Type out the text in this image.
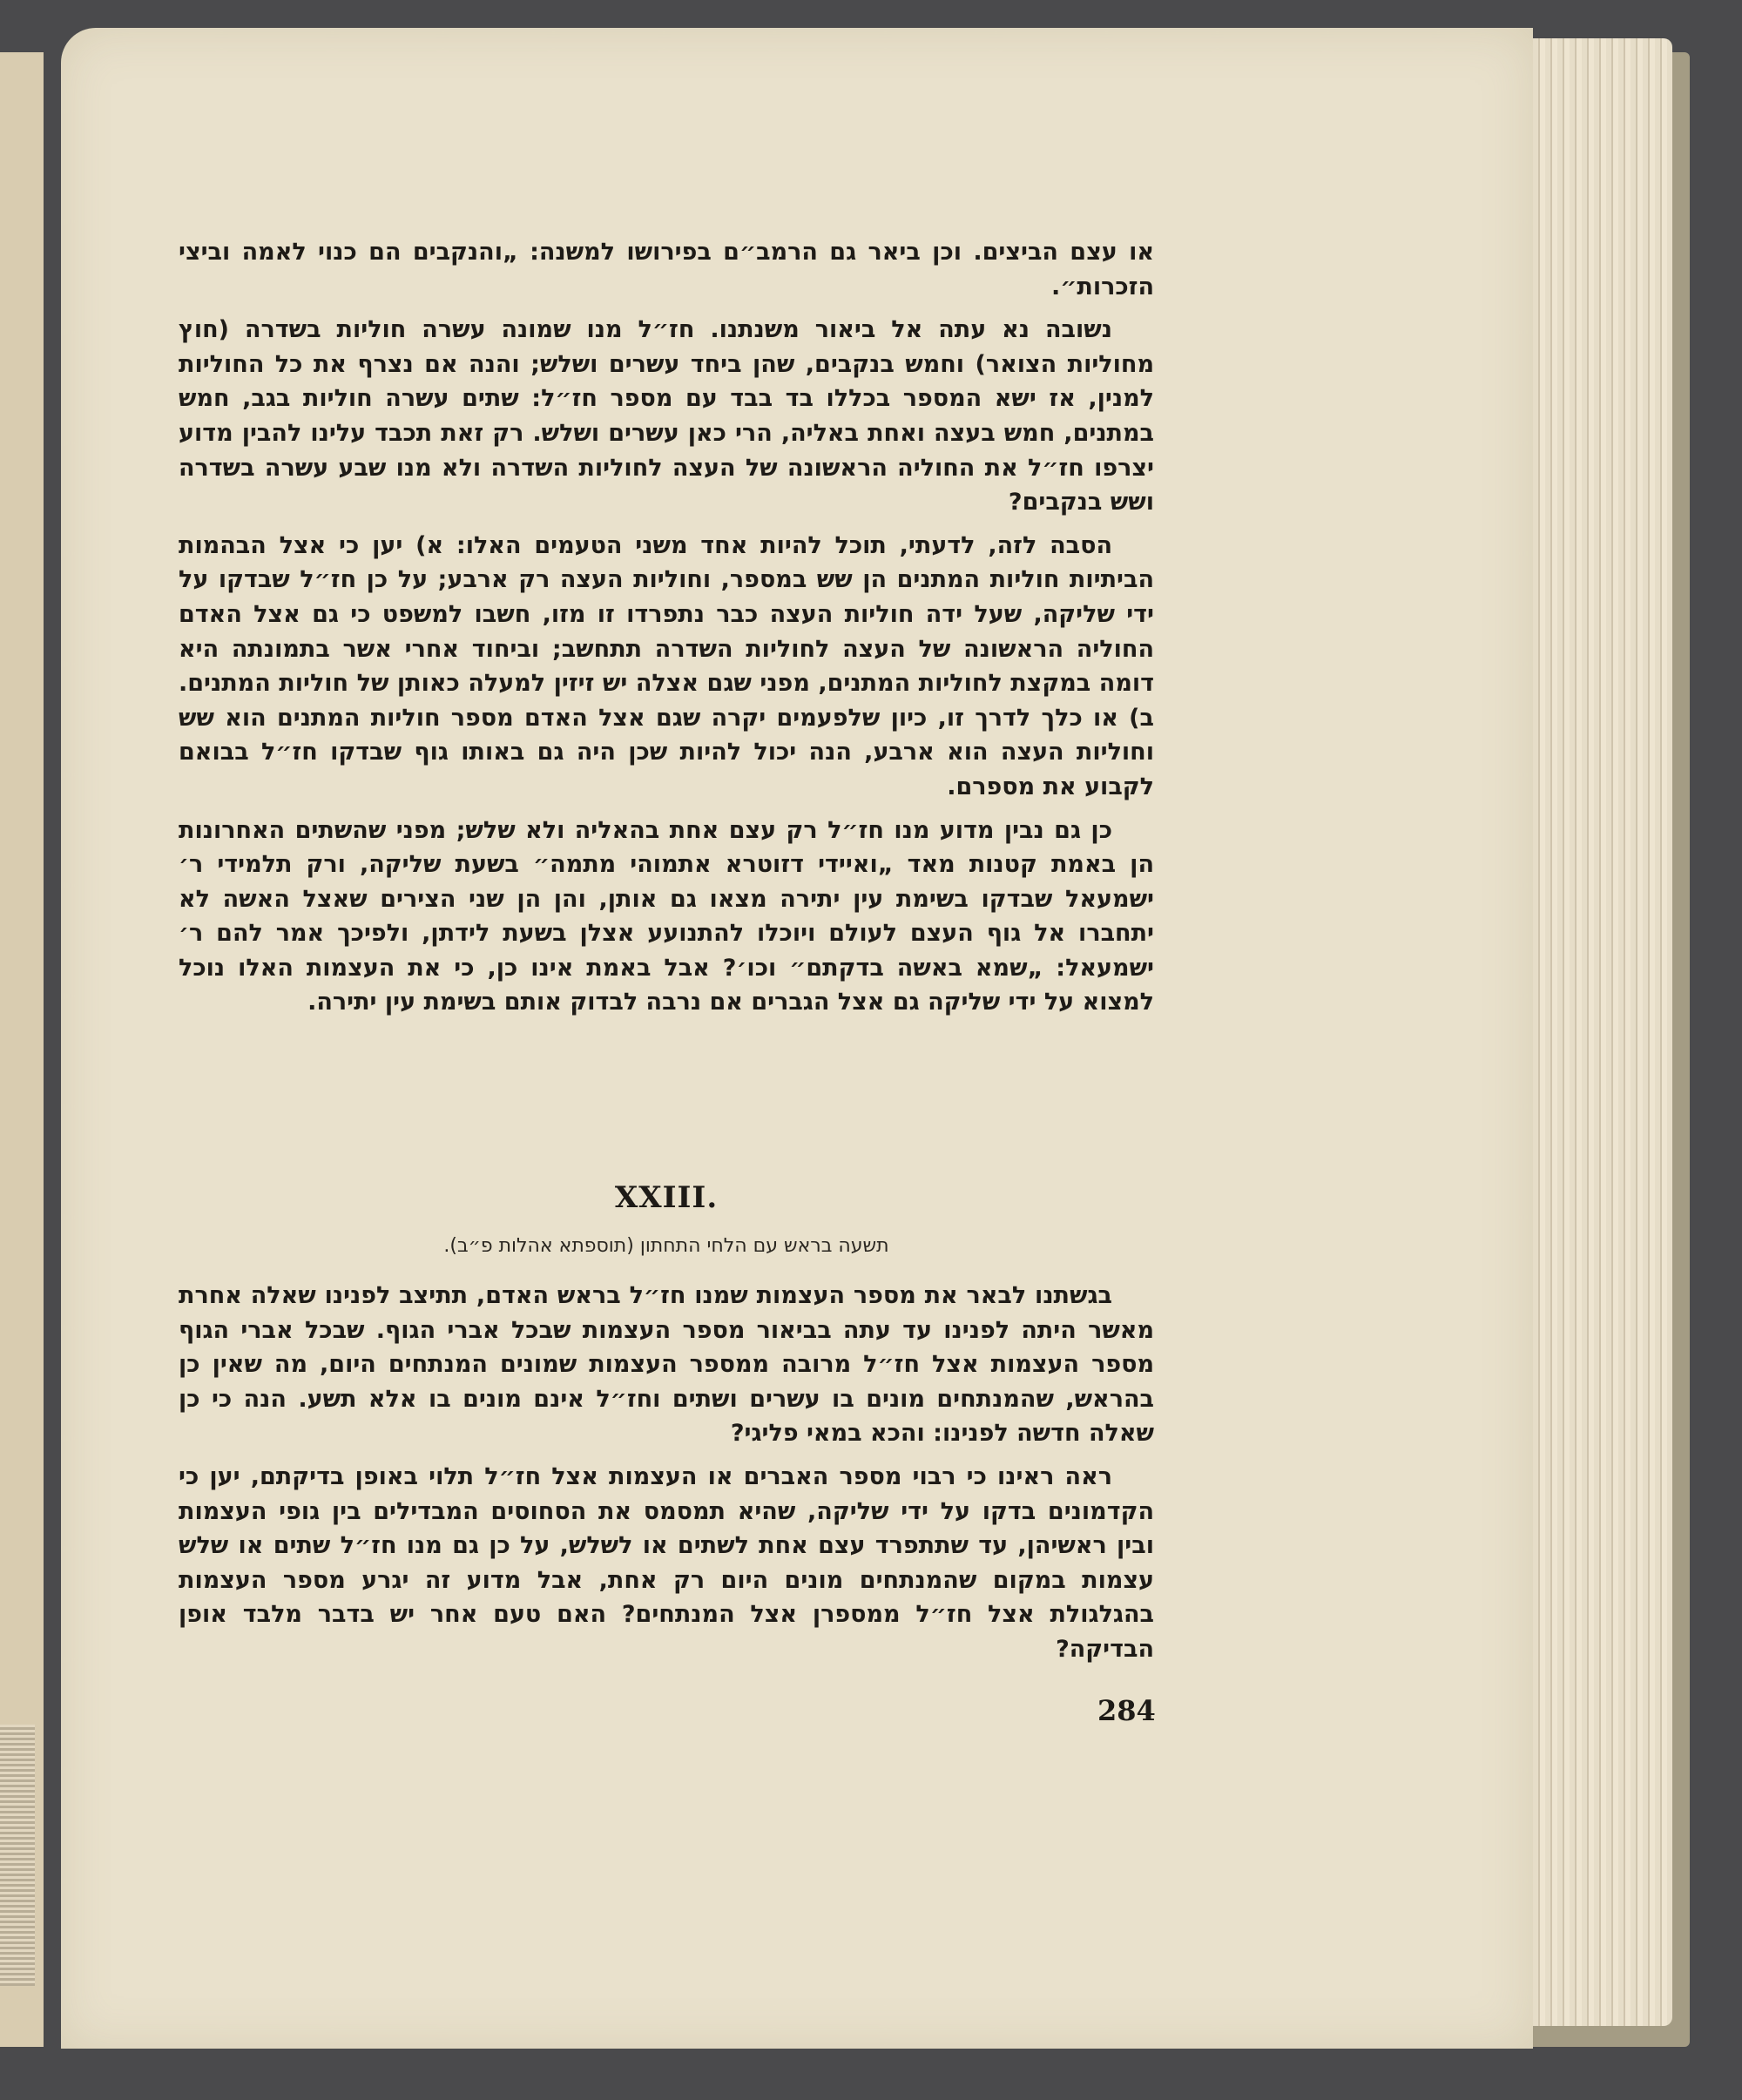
או עצם הביצים. וכן ביאר גם הרמב״ם בפירושו למשנה: „והנקבים הם כנוי לאמה וביצי הזכרות״.

נשובה נא עתה אל ביאור משנתנו. חז״ל מנו שמונה עשרה חוליות בשדרה (חוץ מחוליות הצואר) וחמש בנקבים, שהן ביחד עשרים ושלש; והנה אם נצרף את כל החוליות למנין, אז ישא המספר בכללו בד בבד עם מספר חז״ל: שתים עשרה חוליות בגב, חמש במתנים, חמש בעצה ואחת באליה, הרי כאן עשרים ושלש. רק זאת תכבד עלינו להבין מדוע יצרפו חז״ל את החוליה הראשונה של העצה לחוליות השדרה ולא מנו שבע עשרה בשדרה ושש בנקבים?

הסבה לזה, לדעתי, תוכל להיות אחד משני הטעמים האלו: א) יען כי אצל הבהמות הביתיות חוליות המתנים הן שש במספר, וחוליות העצה רק ארבע; על כן חז״ל שבדקו על ידי שליקה, שעל ידה חוליות העצה כבר נתפרדו זו מזו, חשבו למשפט כי גם אצל האדם החוליה הראשונה של העצה לחוליות השדרה תתחשב; וביחוד אחרי אשר בתמונתה היא דומה במקצת לחוליות המתנים, מפני שגם אצלה יש זיזין למעלה כאותן של חוליות המתנים. ב) או כלך לדרך זו, כיון שלפעמים יקרה שגם אצל האדם מספר חוליות המתנים הוא שש וחוליות העצה הוא ארבע, הנה יכול להיות שכן היה גם באותו גוף שבדקו חז״ל בבואם לקבוע את מספרם.

כן גם נבין מדוע מנו חז״ל רק עצם אחת בהאליה ולא שלש; מפני שהשתים האחרונות הן באמת קטנות מאד „ואיידי דזוטרא אתמוהי מתמה״ בשעת שליקה, ורק תלמידי ר׳ ישמעאל שבדקו בשימת עין יתירה מצאו גם אותן, והן הן שני הצירים שאצל האשה לא יתחברו אל גוף העצם לעולם ויוכלו להתנועע אצלן בשעת לידתן, ולפיכך אמר להם ר׳ ישמעאל: „שמא באשה בדקתם״ וכו׳? אבל באמת אינו כן, כי את העצמות האלו נוכל למצוא על ידי שליקה גם אצל הגברים אם נרבה לבדוק אותם בשימת עין יתירה.

XXIII.
תשעה בראש עם הלחי התחתון (תוספתא אהלות פ״ב).

בגשתנו לבאר את מספר העצמות שמנו חז״ל בראש האדם, תתיצב לפנינו שאלה אחרת מאשר היתה לפנינו עד עתה בביאור מספר העצמות שבכל אברי הגוף. שבכל אברי הגוף מספר העצמות אצל חז״ל מרובה ממספר העצמות שמונים המנתחים היום, מה שאין כן בהראש, שהמנתחים מונים בו עשרים ושתים וחז״ל אינם מונים בו אלא תשע. הנה כי כן שאלה חדשה לפנינו: והכא במאי פליגי?

ראה ראינו כי רבוי מספר האברים או העצמות אצל חז״ל תלוי באופן בדיקתם, יען כי הקדמונים בדקו על ידי שליקה, שהיא תמסמס את הסחוסים המבדילים בין גופי העצמות ובין ראשיהן, עד שתתפרד עצם אחת לשתים או לשלש, על כן גם מנו חז״ל שתים או שלש עצמות במקום שהמנתחים מונים היום רק אחת, אבל מדוע זה יגרע מספר העצמות בהגלגולת אצל חז״ל ממספרן אצל המנתחים? האם טעם אחר יש בדבר מלבד אופן הבדיקה?

284
